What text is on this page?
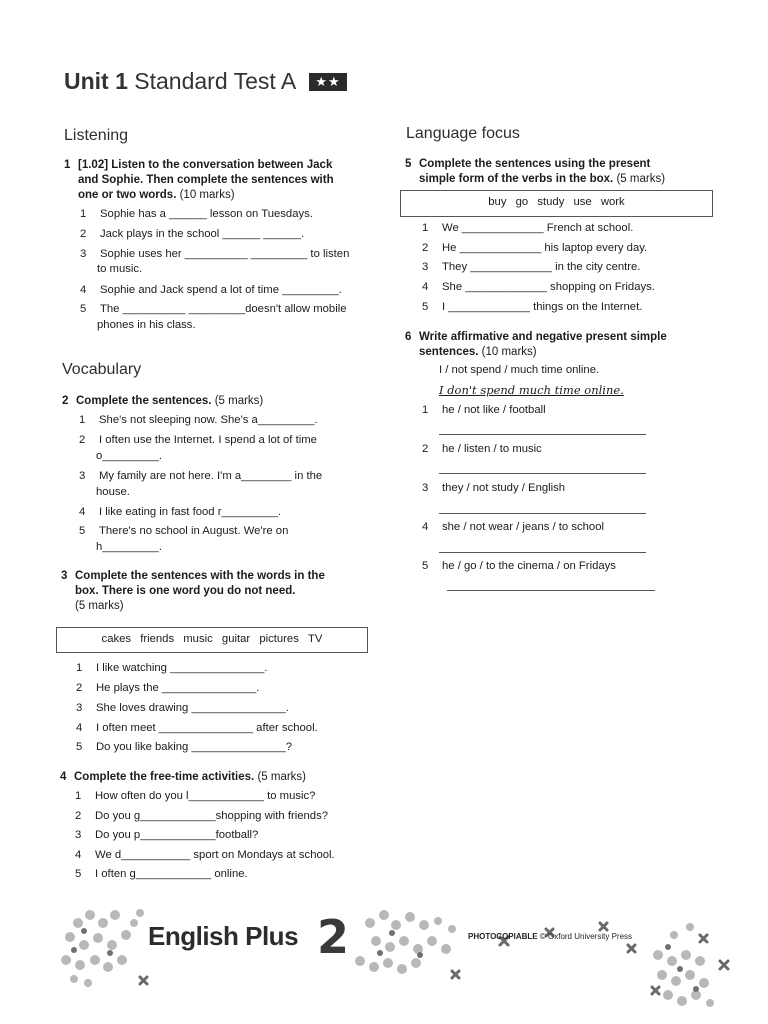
Unit 1 Standard Test A ★★
Listening
1 [1.02] Listen to the conversation between Jack
and Sophie. Then complete the sentences with
one or two words. (10 marks)
1 Sophie has a ______ lesson on Tuesdays.
2 Jack plays in the school ______ ______.
3 Sophie uses her __________ _________ to listen
to music.
4 Sophie and Jack spend a lot of time _________.
5 The __________ _________doesn't allow mobile
phones in his class.
Vocabulary
2 Complete the sentences. (5 marks)
1 She's not sleeping now. She's a_________.
2 I often use the Internet. I spend a lot of time
o_________.
3 My family are not here. I'm a________ in the
house.
4 I like eating in fast food r_________.
5 There's no school in August. We're on
h_________.
3 Complete the sentences with the words in the
box. There is one word you do not need.
(5 marks)
cakes friends music guitar pictures TV
1 I like watching _______________.
2 He plays the _______________.
3 She loves drawing _______________.
4 I often meet _______________ after school.
5 Do you like baking _______________?
4 Complete the free-time activities. (5 marks)
1 How often do you l____________ to music?
2 Do you g____________shopping with friends?
3 Do you p____________football?
4 We d___________ sport on Mondays at school.
5 I often g____________ online.
Language focus
5 Complete the sentences using the present
simple form of the verbs in the box. (5 marks)
buy go study use work
1 We _____________ French at school.
2 He _____________ his laptop every day.
3 They _____________ in the city centre.
4 She _____________ shopping on Fridays.
5 I _____________ things on the Internet.
6 Write affirmative and negative present simple
sentences. (10 marks)
I / not spend / much time online.
I don't spend much time online.
1 he / not like / football
2 he / listen / to music
3 they / not study / English
4 she / not wear / jeans / to school
5 he / go / to the cinema / on Fridays
English Plus 2	PHOTOCOPIABLE © Oxford University Press
